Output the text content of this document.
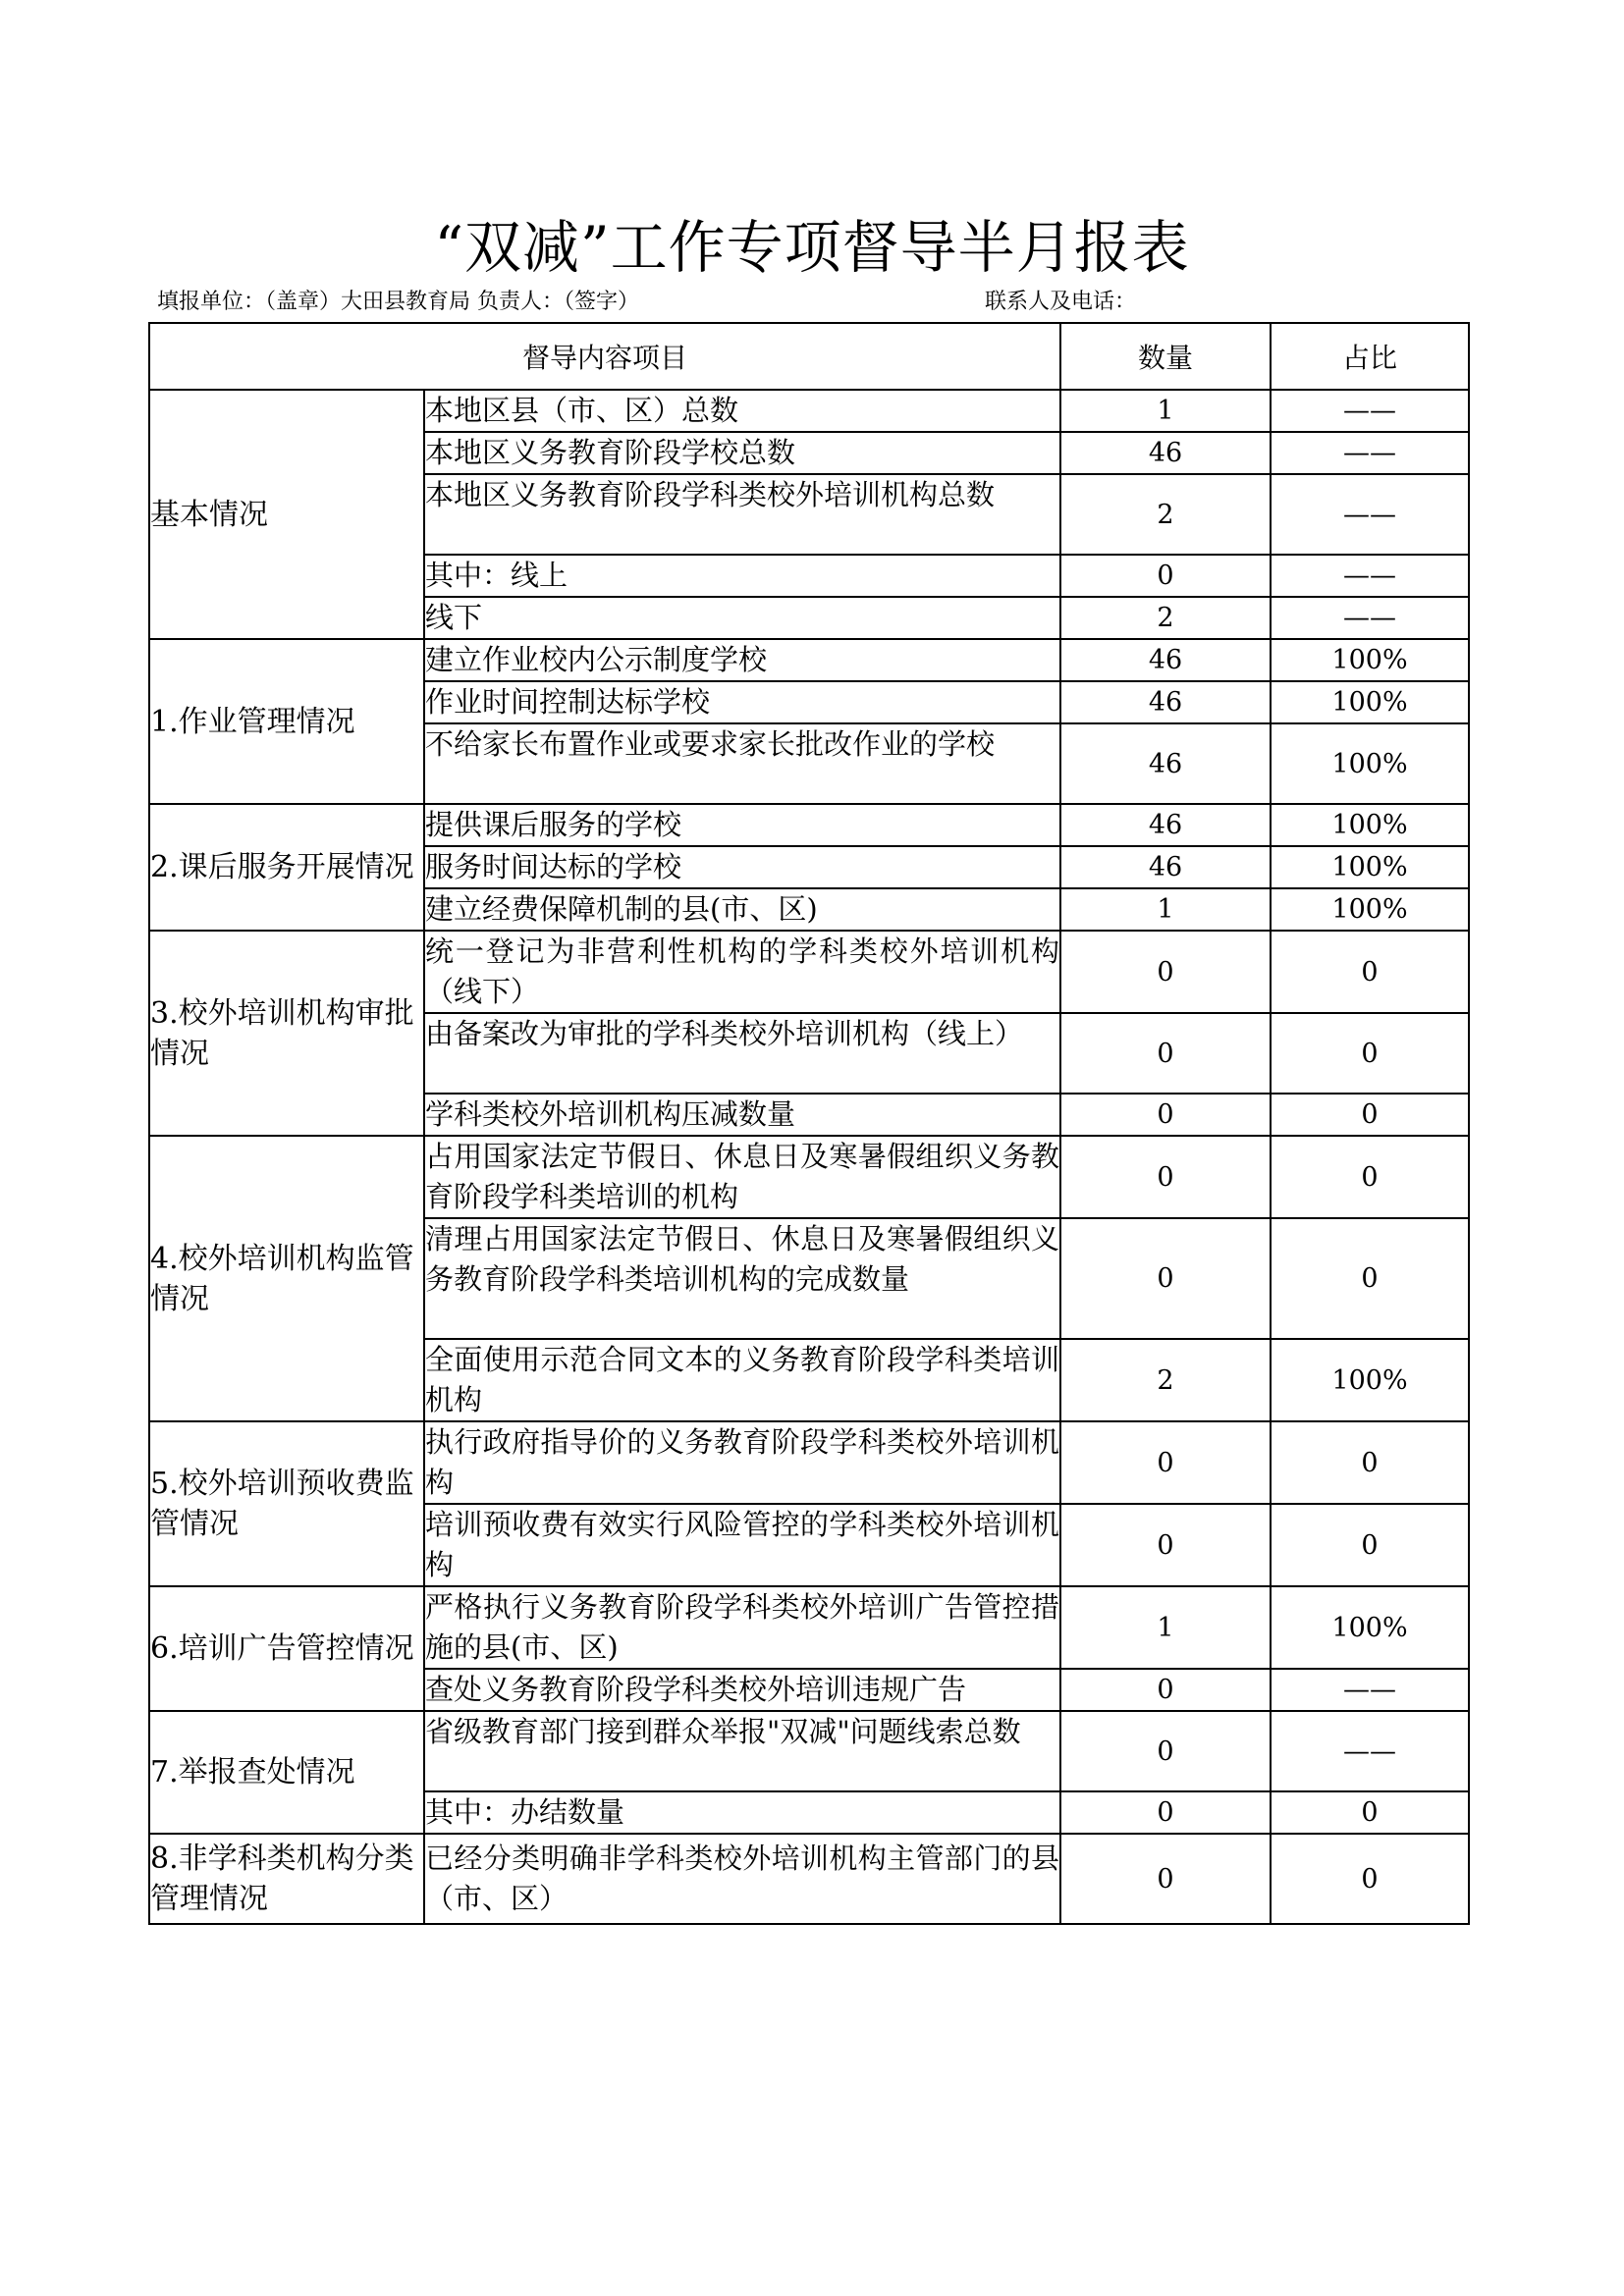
“双减”工作专项督导半月报表
填报单位：（盖章）大田县教育局 负责人：（签字）	联系人及电话：
督导内容项目		数量	占比
基本情况	本地区县（市、区）总数	1	——
	本地区义务教育阶段学校总数	46	——
	本地区义务教育阶段学科类校外培训机构总数	2	——
	其中：线上	0	——
	线下	2	——
1.作业管理情况	建立作业校内公示制度学校	46	100%
	作业时间控制达标学校	46	100%
	不给家长布置作业或要求家长批改作业的学校	46	100%
2.课后服务开展情况	提供课后服务的学校	46	100%
	服务时间达标的学校	46	100%
	建立经费保障机制的县(市、区)	1	100%
3.校外培训机构审批情况	统一登记为非营利性机构的学科类校外培训机构（线下）	0	0
	由备案改为审批的学科类校外培训机构（线上）	0	0
	学科类校外培训机构压减数量	0	0
4.校外培训机构监管情况	占用国家法定节假日、休息日及寒暑假组织义务教育阶段学科类培训的机构	0	0
	清理占用国家法定节假日、休息日及寒暑假组织义务教育阶段学科类培训机构的完成数量	0	0
	全面使用示范合同文本的义务教育阶段学科类培训机构	2	100%
5.校外培训预收费监管情况	执行政府指导价的义务教育阶段学科类校外培训机构	0	0
	培训预收费有效实行风险管控的学科类校外培训机构	0	0
6.培训广告管控情况	严格执行义务教育阶段学科类校外培训广告管控措施的县(市、区)	1	100%
	查处义务教育阶段学科类校外培训违规广告	0	——
7.举报查处情况	省级教育部门接到群众举报"双减"问题线索总数	0	——
	其中：办结数量	0	0
8.非学科类机构分类管理情况	已经分类明确非学科类校外培训机构主管部门的县（市、区）	0	0
